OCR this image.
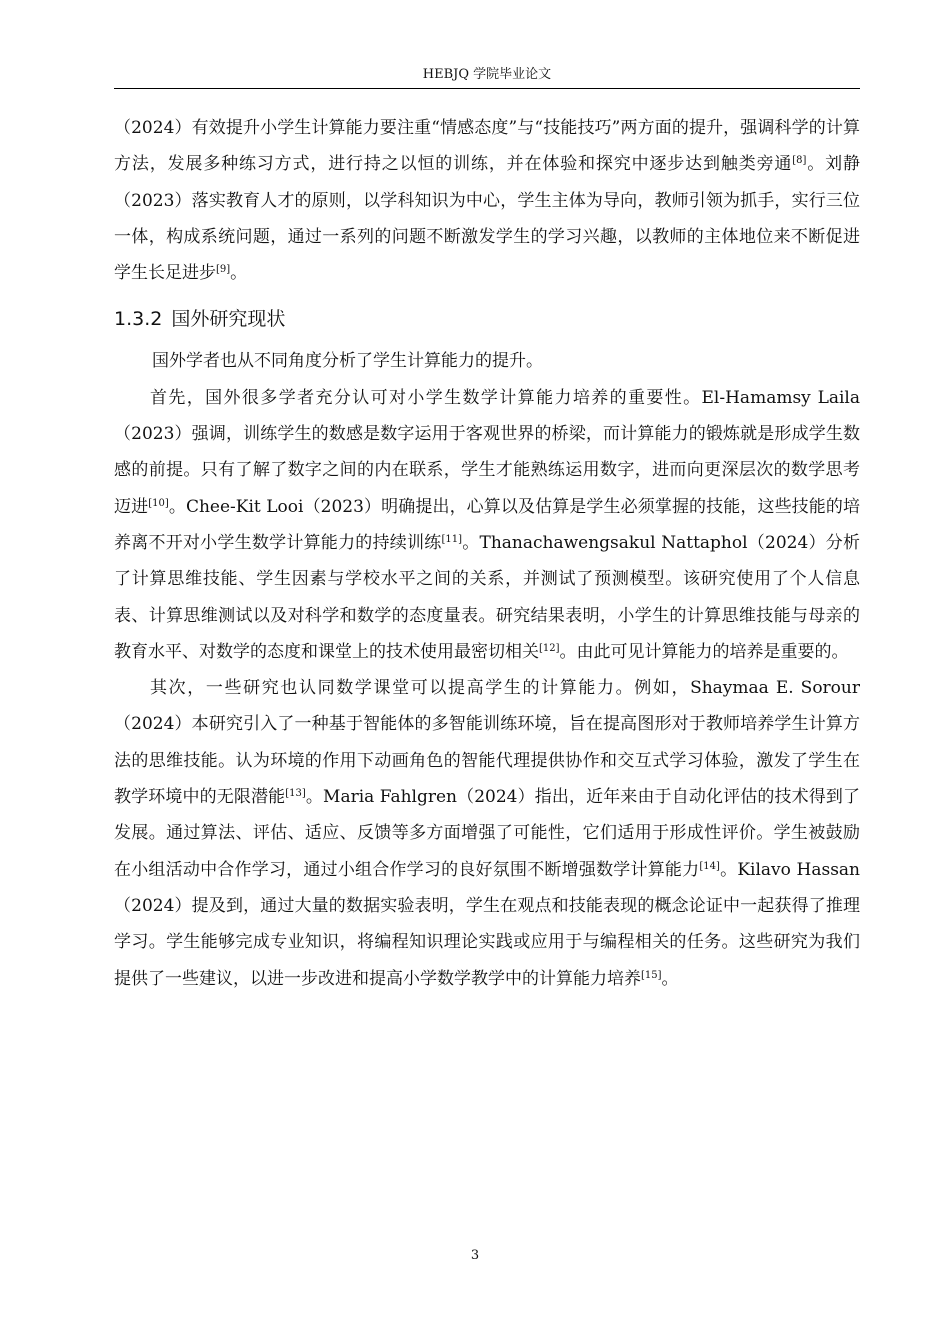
HEBJQ 学院毕业论文

（2024）有效提升小学生计算能力要注重“情感态度”与“技能技巧”两方面的提升，强调科学的计算方法，发展多种练习方式，进行持之以恒的训练，并在体验和探究中逐步达到触类旁通[8]。刘静（2023）落实教育人才的原则，以学科知识为中心，学生主体为导向，教师引领为抓手，实行三位一体，构成系统问题，通过一系列的问题不断激发学生的学习兴趣，以教师的主体地位来不断促进学生长足进步[9]。

1.3.2 国外研究现状

国外学者也从不同角度分析了学生计算能力的提升。

首先，国外很多学者充分认可对小学生数学计算能力培养的重要性。El-Hamamsy Laila（2023）强调，训练学生的数感是数字运用于客观世界的桥梁，而计算能力的锻炼就是形成学生数感的前提。只有了解了数字之间的内在联系，学生才能熟练运用数字，进而向更深层次的数学思考迈进[10]。Chee-Kit Looi（2023）明确提出，心算以及估算是学生必须掌握的技能，这些技能的培养离不开对小学生数学计算能力的持续训练[11]。Thanachawengsakul Nattaphol（2024）分析了计算思维技能、学生因素与学校水平之间的关系，并测试了预测模型。该研究使用了个人信息表、计算思维测试以及对科学和数学的态度量表。研究结果表明，小学生的计算思维技能与母亲的教育水平、对数学的态度和课堂上的技术使用最密切相关[12]。由此可见计算能力的培养是重要的。

其次，一些研究也认同数学课堂可以提高学生的计算能力。例如，Shaymaa E. Sorour（2024）本研究引入了一种基于智能体的多智能训练环境，旨在提高图形对于教师培养学生计算方法的思维技能。认为环境的作用下动画角色的智能代理提供协作和交互式学习体验，激发了学生在教学环境中的无限潜能[13]。Maria Fahlgren（2024）指出，近年来由于自动化评估的技术得到了发展。通过算法、评估、适应、反馈等多方面增强了可能性，它们适用于形成性评价。学生被鼓励在小组活动中合作学习，通过小组合作学习的良好氛围不断增强数学计算能力[14]。Kilavo Hassan（2024）提及到，通过大量的数据实验表明，学生在观点和技能表现的概念论证中一起获得了推理学习。学生能够完成专业知识，将编程知识理论实践或应用于与编程相关的任务。这些研究为我们提供了一些建议，以进一步改进和提高小学数学教学中的计算能力培养[15]。

3
